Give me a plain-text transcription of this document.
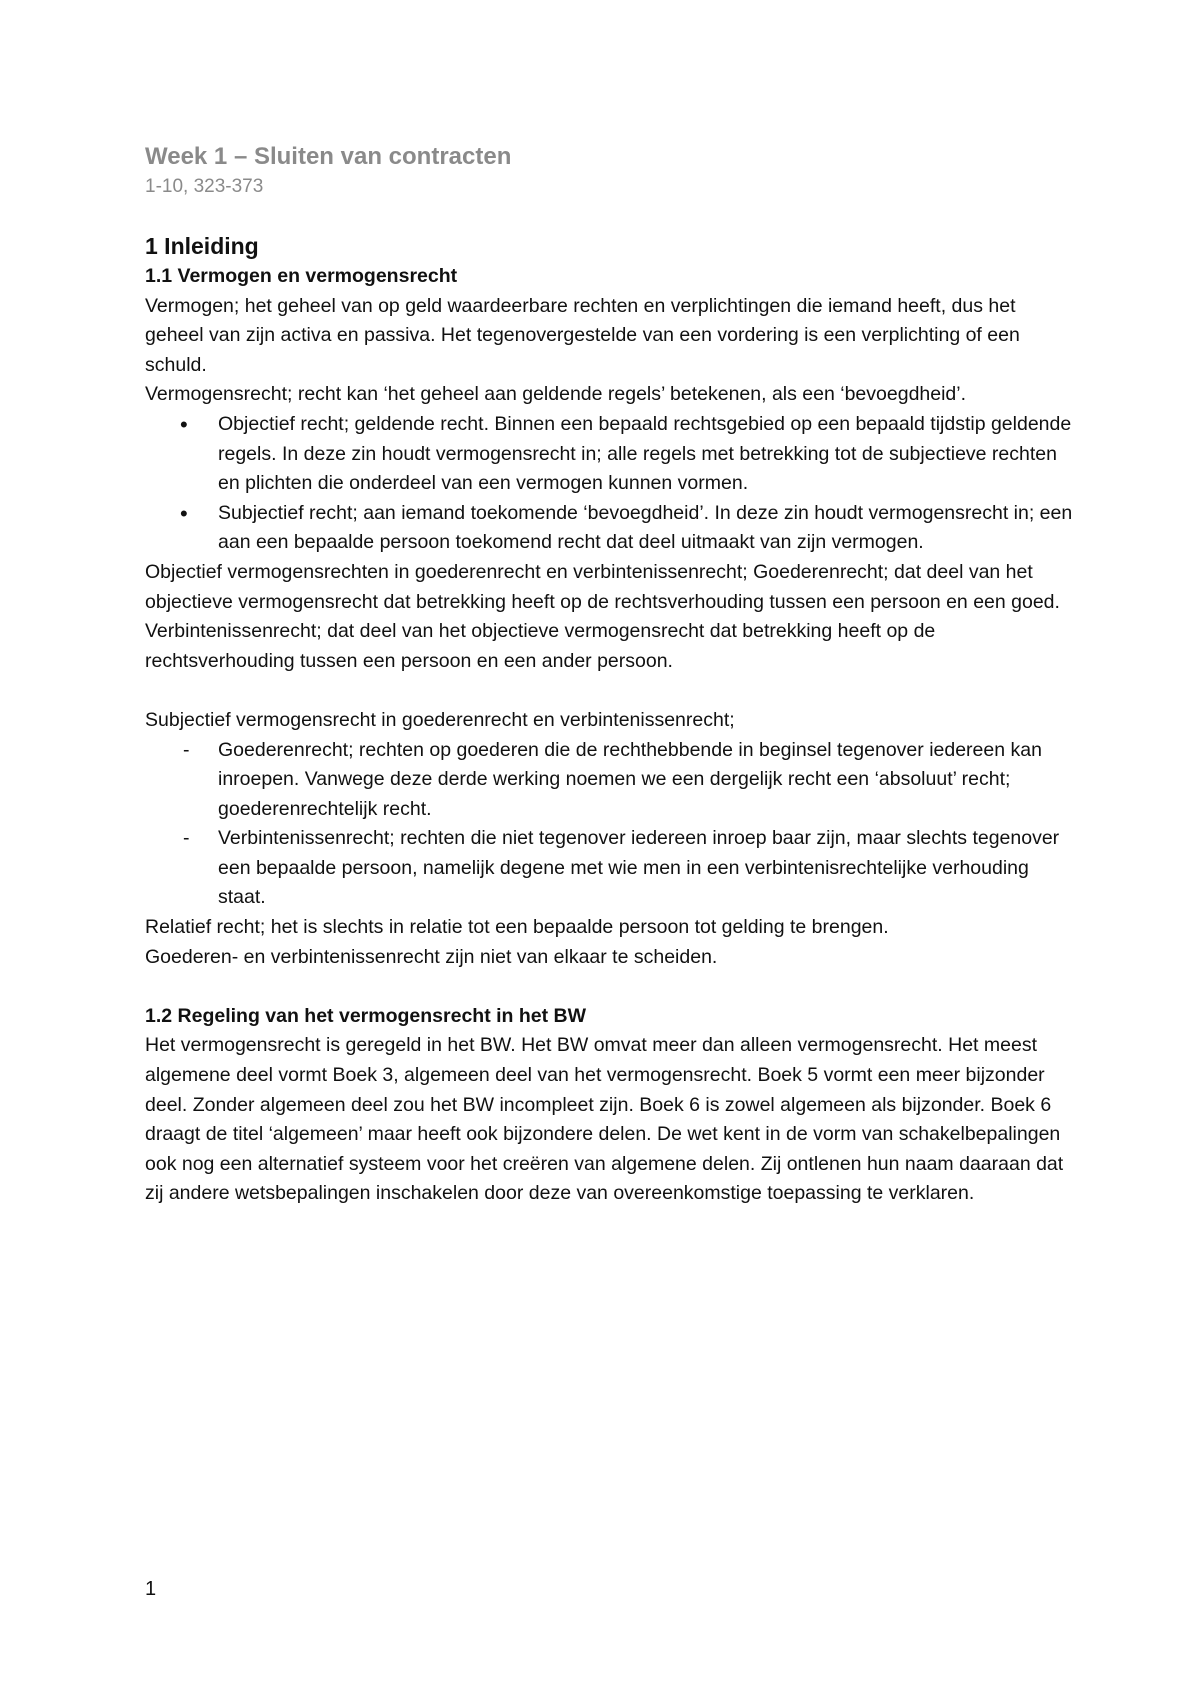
Week 1 – Sluiten van contracten
1-10, 323-373
1 Inleiding
1.1 Vermogen en vermogensrecht

Vermogen; het geheel van op geld waardeerbare rechten en verplichtingen die iemand heeft, dus het geheel van zijn activa en passiva. Het tegenovergestelde van een vordering is een verplichting of een schuld.

Vermogensrecht; recht kan ‘het geheel aan geldende regels’ betekenen, als een ‘bevoegdheid’.

• Objectief recht; geldende recht. Binnen een bepaald rechtsgebied op een bepaald tijdstip geldende regels. In deze zin houdt vermogensrecht in; alle regels met betrekking tot de subjectieve rechten en plichten die onderdeel van een vermogen kunnen vormen.
• Subjectief recht; aan iemand toekomende ‘bevoegdheid’. In deze zin houdt vermogensrecht in; een aan een bepaalde persoon toekomend recht dat deel uitmaakt van zijn vermogen.

Objectief vermogensrechten in goederenrecht en verbintenissenrecht; Goederenrecht; dat deel van het objectieve vermogensrecht dat betrekking heeft op de rechtsverhouding tussen een persoon en een goed.

Verbintenissenrecht; dat deel van het objectieve vermogensrecht dat betrekking heeft op de rechtsverhouding tussen een persoon en een ander persoon.

Subjectief vermogensrecht in goederenrecht en verbintenissenrecht;

- Goederenrecht; rechten op goederen die de rechthebbende in beginsel tegenover iedereen kan inroepen. Vanwege deze derde werking noemen we een dergelijk recht een ‘absoluut’ recht; goederenrechtelijk recht.
- Verbintenissenrecht; rechten die niet tegenover iedereen inroep baar zijn, maar slechts tegenover een bepaalde persoon, namelijk degene met wie men in een verbintenisrechtelijke verhouding staat.

Relatief recht; het is slechts in relatie tot een bepaalde persoon tot gelding te brengen.

Goederen- en verbintenissenrecht zijn niet van elkaar te scheiden.

1.2 Regeling van het vermogensrecht in het BW

Het vermogensrecht is geregeld in het BW. Het BW omvat meer dan alleen vermogensrecht. Het meest algemene deel vormt Boek 3, algemeen deel van het vermogensrecht. Boek 5 vormt een meer bijzonder deel. Zonder algemeen deel zou het BW incompleet zijn. Boek 6 is zowel algemeen als bijzonder. Boek 6 draagt de titel ‘algemeen’ maar heeft ook bijzondere delen. De wet kent in de vorm van schakelbepalingen ook nog een alternatief systeem voor het creëren van algemene delen. Zij ontlenen hun naam daaraan dat zij andere wetsbepalingen inschakelen door deze van overeenkomstige toepassing te verklaren.

1
